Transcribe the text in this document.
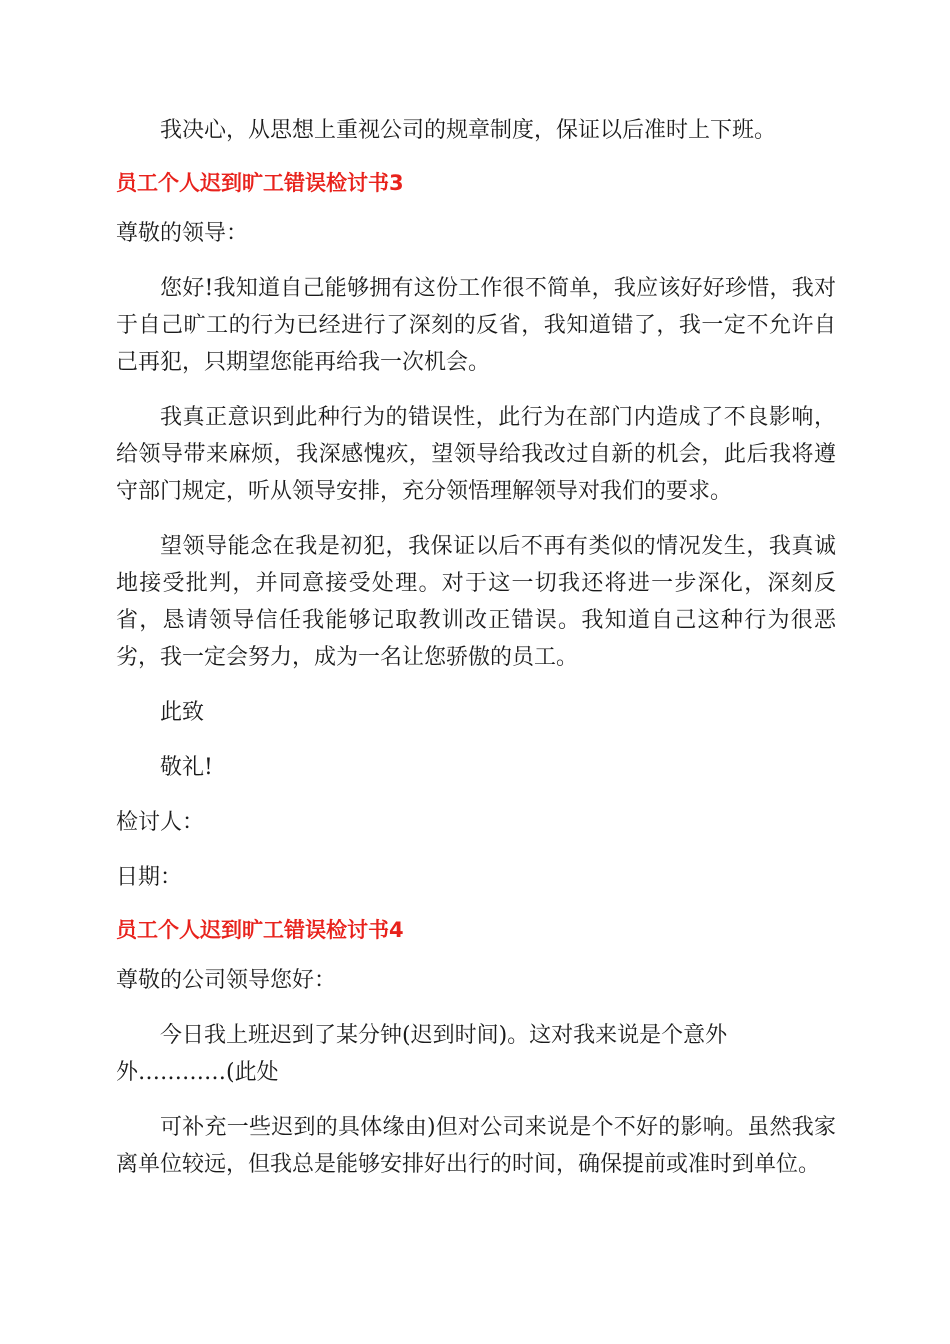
我决心，从思想上重视公司的规章制度，保证以后准时上下班。

员工个人迟到旷工错误检讨书3

尊敬的领导：

您好!我知道自己能够拥有这份工作很不简单，我应该好好珍惜，我对于自己旷工的行为已经进行了深刻的反省，我知道错了，我一定不允许自己再犯，只期望您能再给我一次机会。

我真正意识到此种行为的错误性，此行为在部门内造成了不良影响，给领导带来麻烦，我深感愧疚，望领导给我改过自新的机会，此后我将遵守部门规定，听从领导安排，充分领悟理解领导对我们的要求。

望领导能念在我是初犯，我保证以后不再有类似的情况发生，我真诚地接受批判，并同意接受处理。对于这一切我还将进一步深化，深刻反省，恳请领导信任我能够记取教训改正错误。我知道自己这种行为很恶劣，我一定会努力，成为一名让您骄傲的员工。

此致

敬礼!

检讨人：

日期：

员工个人迟到旷工错误检讨书4

尊敬的公司领导您好：

今日我上班迟到了某分钟(迟到时间)。这对我来说是个意外

外…………(此处

可补充一些迟到的具体缘由)但对公司来说是个不好的影响。虽然我家离单位较远，但我总是能够安排好出行的时间，确保提前或准时到单位。
